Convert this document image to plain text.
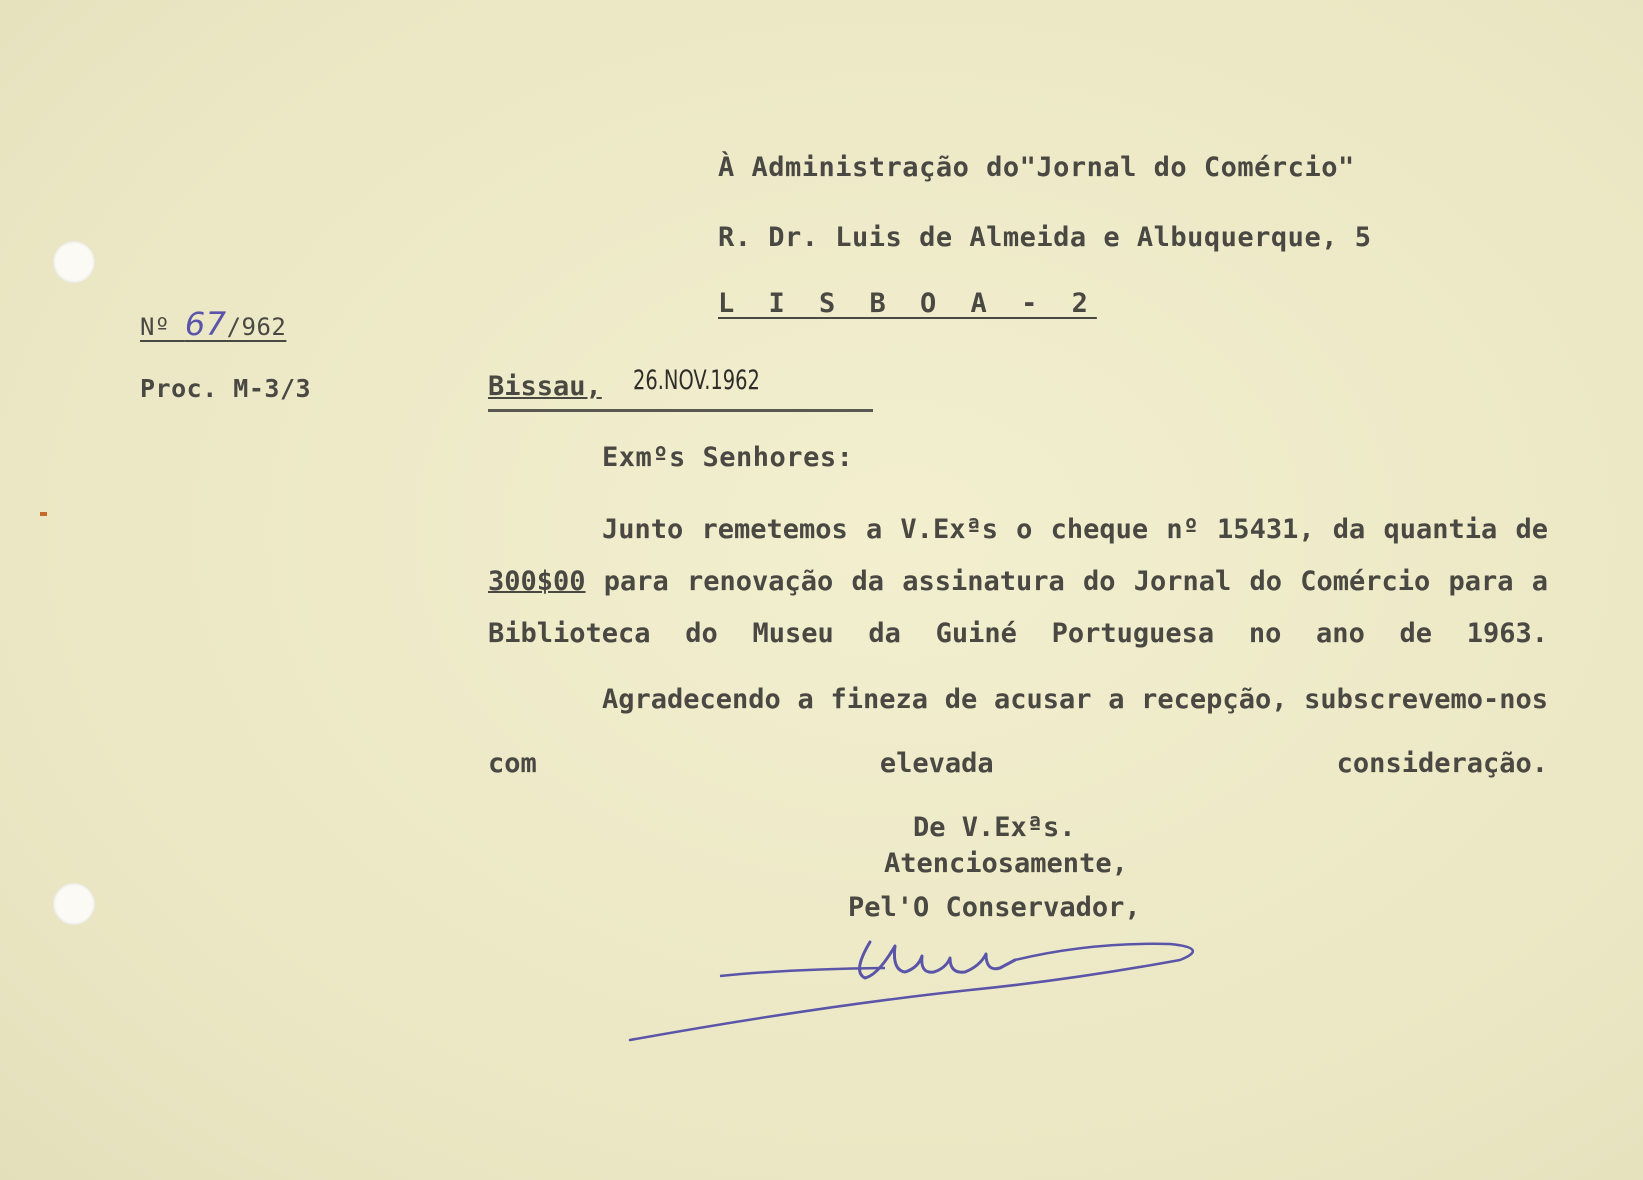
À Administração do"Jornal do Comércio"
R. Dr. Luis de Almeida e Albuquerque, 5
L I S B O A - 2
Nº 67/962
Proc. M-3/3	Bissau, 26.NOV.1962
Exmºs Senhores:
Junto remetemos a V.Exªs o cheque nº 15431, da quantia de 300$00 para renovação da assinatura do Jornal do Comércio para a Biblioteca do Museu da Guiné Portuguesa no ano de 1963.
Agradecendo a fineza de acusar a recepção, subscrevemo-nos com elevada consideração.
De V.Exªs.
Atenciosamente,
Pel'O Conservador,
